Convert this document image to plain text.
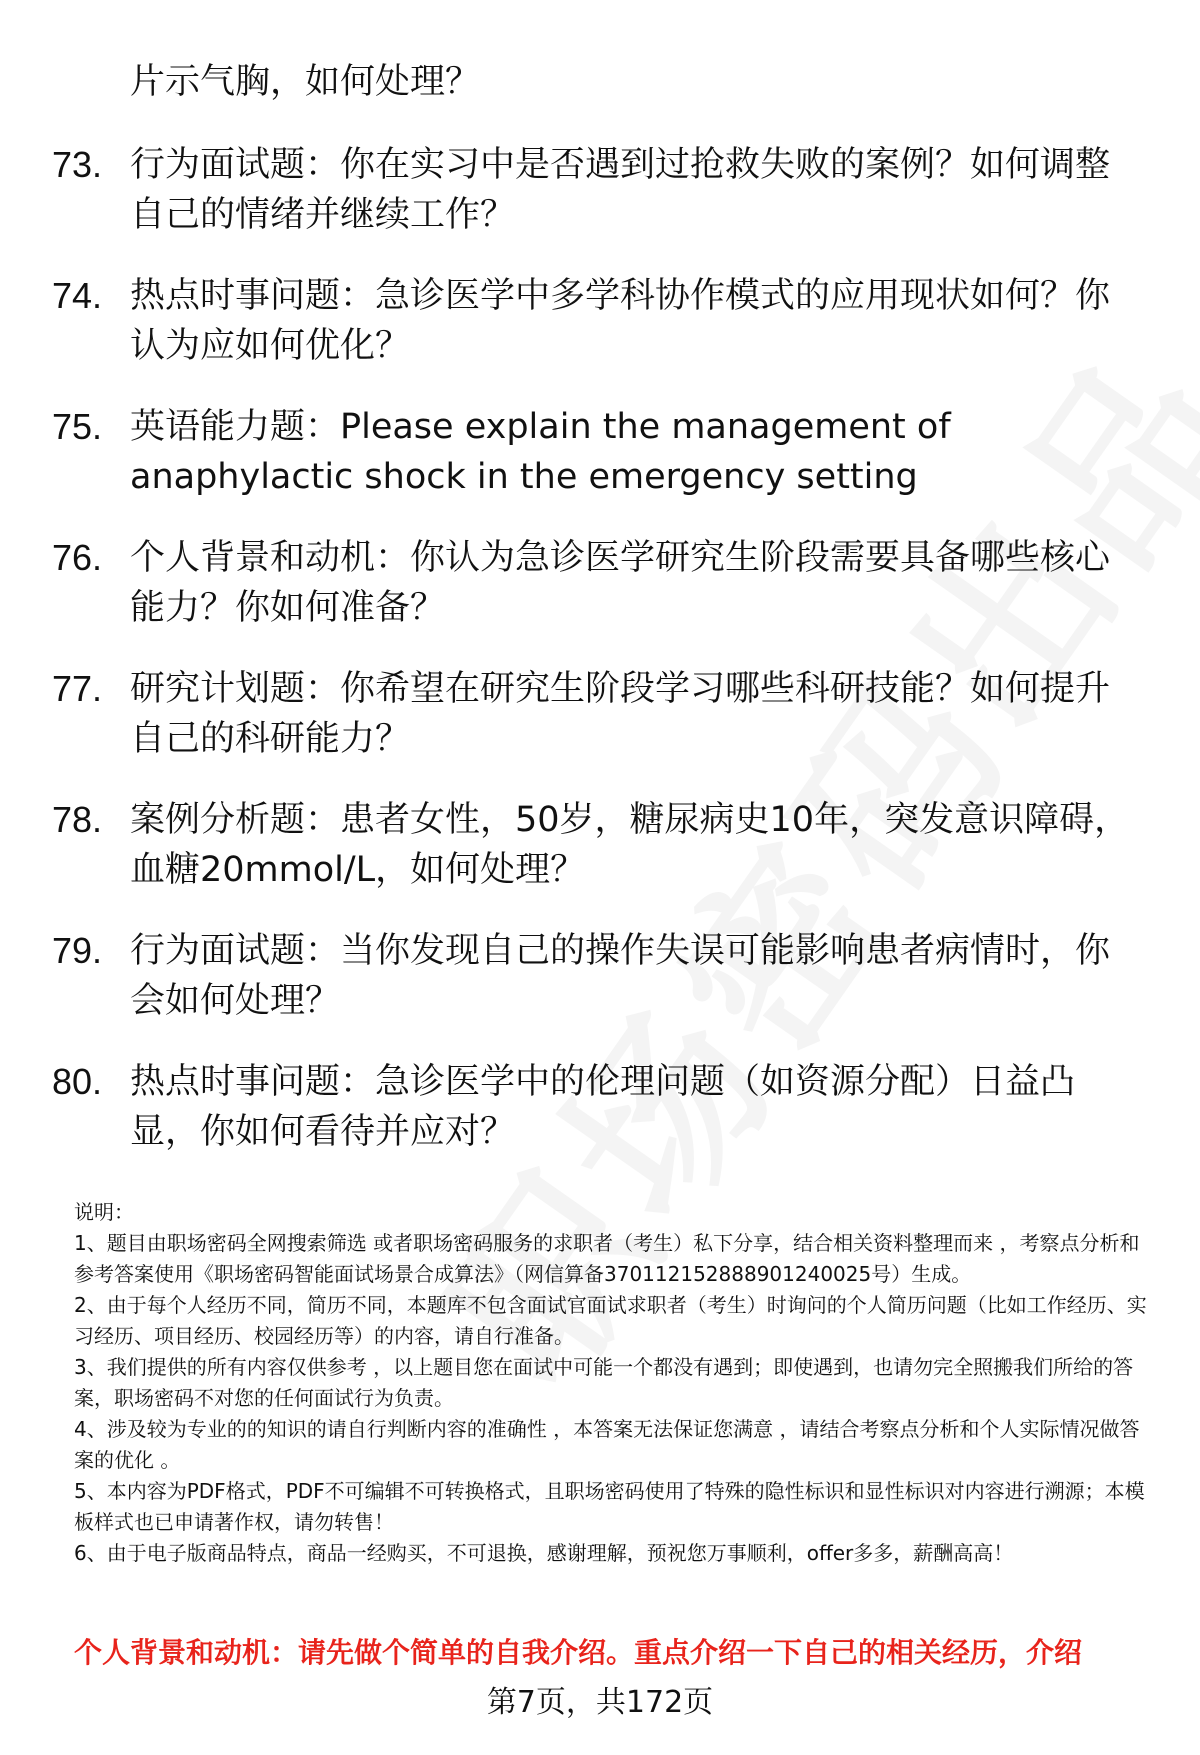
片示气胸，如何处理？
73. 行为面试题：你在实习中是否遇到过抢救失败的案例？如何调整自己的情绪并继续工作？
74. 热点时事问题：急诊医学中多学科协作模式的应用现状如何？你认为应如何优化？
75. 英语能力题：Please explain the management of anaphylactic shock in the emergency setting
76. 个人背景和动机：你认为急诊医学研究生阶段需要具备哪些核心能力？你如何准备？
77. 研究计划题：你希望在研究生阶段学习哪些科研技能？如何提升自己的科研能力？
78. 案例分析题：患者女性，50岁，糖尿病史10年，突发意识障碍，血糖20mmol/L，如何处理？
79. 行为面试题：当你发现自己的操作失误可能影响患者病情时，你会如何处理？
80. 热点时事问题：急诊医学中的伦理问题（如资源分配）日益凸显，你如何看待并应对？

说明：

1、题目由职场密码全网搜索筛选 或者职场密码服务的求职者（考生）私下分享，结合相关资料整理而来 ，考察点分析和参考答案使用《职场密码智能面试场景合成算法》（网信算备370112152888901240025号）生成。

2、由于每个人经历不同，简历不同，本题库不包含面试官面试求职者（考生）时询问的个人简历问题（比如工作经历、实习经历、项目经历、校园经历等）的内容，请自行准备。

3、我们提供的所有内容仅供参考 ，以上题目您在面试中可能一个都没有遇到；即使遇到，也请勿完全照搬我们所给的答案，职场密码不对您的任何面试行为负责。

4、涉及较为专业的的知识的请自行判断内容的准确性 ，本答案无法保证您满意 ，请结合考察点分析和个人实际情况做答案的优化 。

5、本内容为PDF格式，PDF不可编辑不可转换格式，且职场密码使用了特殊的隐性标识和显性标识对内容进行溯源；本模板样式也已申请著作权，请勿转售！

6、由于电子版商品特点，商品一经购买，不可退换，感谢理解，预祝您万事顺利，offer多多，薪酬高高！

个人背景和动机：请先做个简单的自我介绍。重点介绍一下自己的相关经历，介绍
第7页，共172页
